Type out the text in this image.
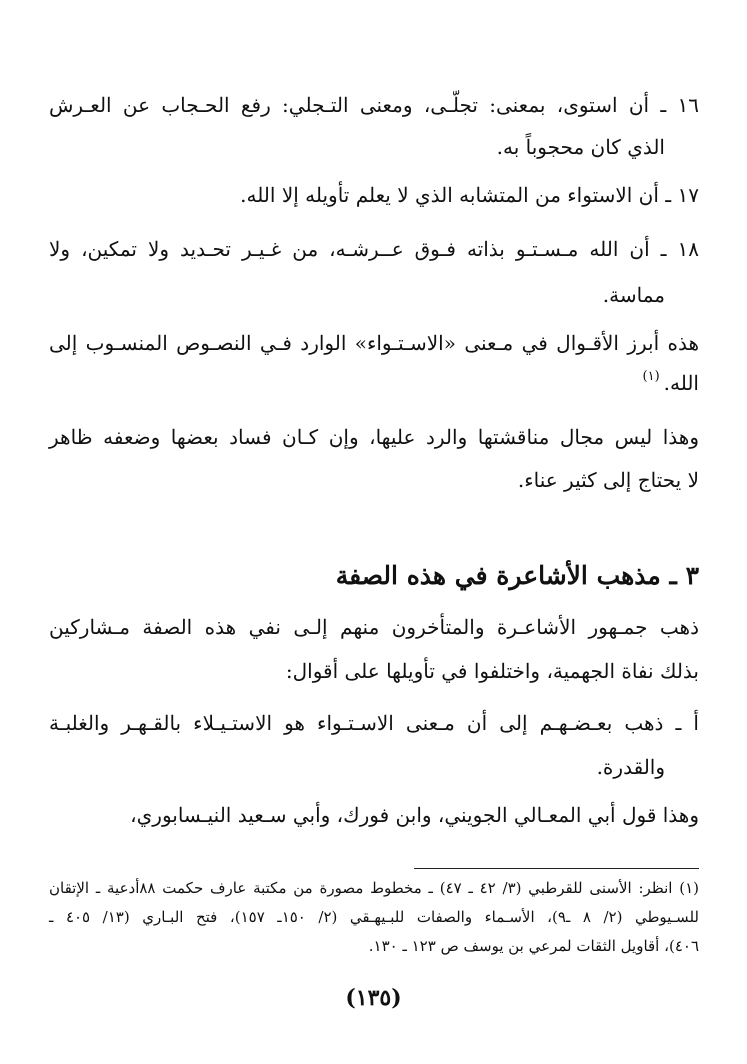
١٦ ـ أن استوى، بمعنى: تجلّـى، ومعنى التـجلي: رفع الحـجاب عن العـرش
الذي كان محجوباً به.
١٧ ـ أن الاستواء من المتشابه الذي لا يعلم تأويله إلا الله.
١٨ ـ أن الله مـسـتـو بذاته فـوق عــرشـه، من غـيـر تحـديد ولا تمكين، ولا
مماسة.
هذه أبرز الأقـوال في مـعنى «الاسـتـواء» الوارد فـي النصـوص المنسـوب إلى
الله.$^{(١)}$
وهذا ليس مجال مناقشتها والرد عليها، وإن كـان فساد بعضها وضعفه ظاهر
لا يحتاج إلى كثير عناء.
٣ ـ مذهب الأشاعرة في هذه الصفة
ذهب جمـهور الأشاعـرة والمتأخرون منهم إلـى نفي هذه الصفة مـشاركين
بذلك نفاة الجهمية، واختلفوا في تأويلها على أقوال:
أ ـ ذهب بعـضـهـم إلى أن مـعنى الاسـتـواء هو الاستـيـلاء بالقـهـر والغلبـة
والقدرة.
وهذا قول أبي المعـالي الجويني، وابن فورك، وأبي سـعيد النيـسابوري،
(١) انظر: الأسنى للقرطبي (٣/ ٤٢ ـ ٤٧) ـ مخطوط مصورة من مكتبة عارف حكمت ٨٨أدعية ـ الإتقان
للسـيوطي (٢/ ٨ ـ٩)، الأسـماء والصفات للبـيهـقي (٢/ ١٥٠ـ ١٥٧)، فتح البـاري (١٣/ ٤٠٥ ـ
٤٠٦)، أقاويل الثقات لمرعي بن يوسف ص ١٢٣ ـ ١٣٠.
(١٣٥)
